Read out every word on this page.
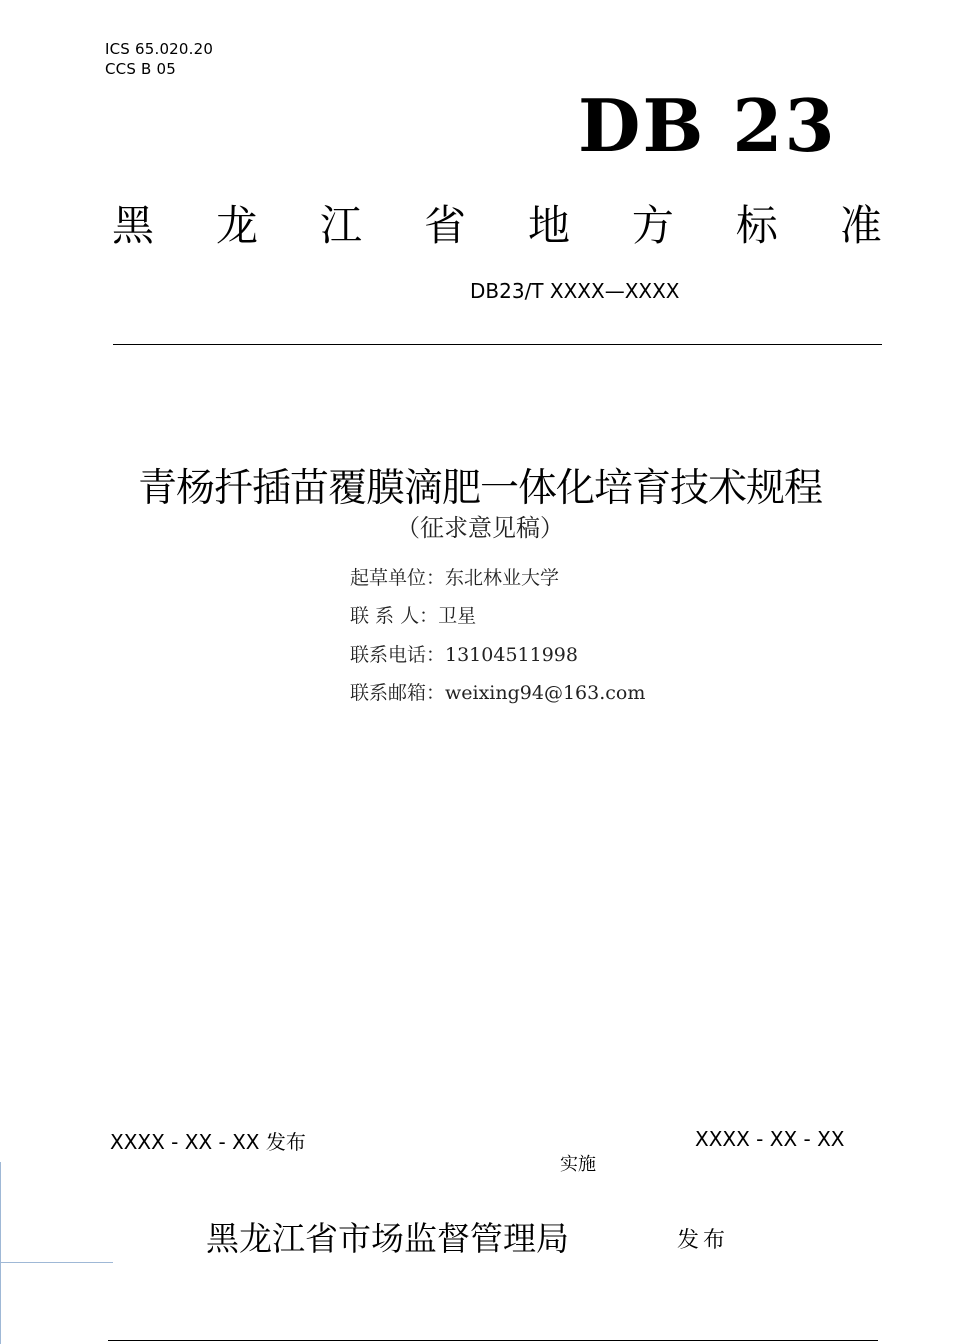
ICS 65.020.20
CCS B 05
DB 23
黑 龙 江 省 地 方 标 准
DB23/T XXXX—XXXX
青杨扦插苗覆膜滴肥一体化培育技术规程
（征求意见稿）
起草单位：东北林业大学
联 系 人：卫星
联系电话：13104511998
联系邮箱：weixing94@163.com
XXXX - XX - XX 发布	XXXX - XX - XX
实施
黑龙江省市场监督管理局	发布
